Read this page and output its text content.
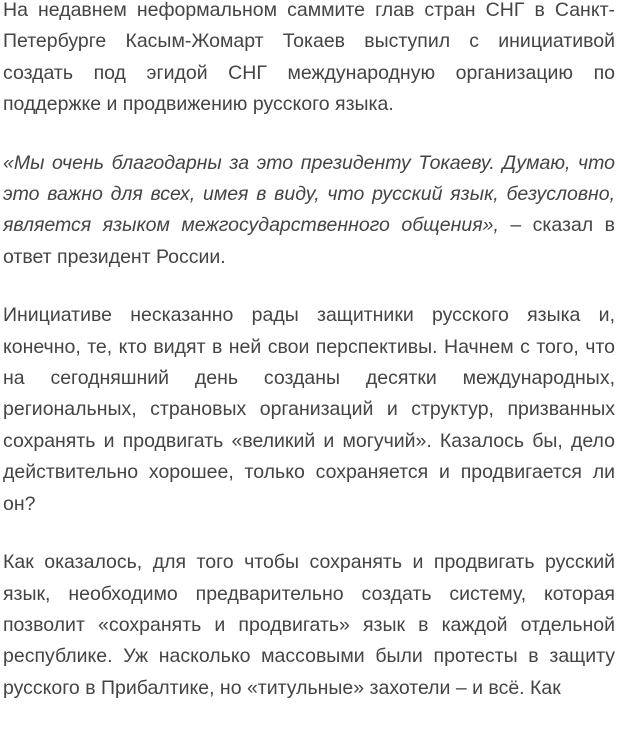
На недавнем неформальном саммите глав стран СНГ в Санкт-Петербурге Касым-Жомарт Токаев выступил с инициативой создать под эгидой СНГ международную организацию по поддержке и продвижению русского языка.

«Мы очень благодарны за это президенту Токаеву. Думаю, что это важно для всех, имея в виду, что русский язык, безусловно, является языком межгосударственного общения», – сказал в ответ президент России.

Инициативе несказанно рады защитники русского языка и, конечно, те, кто видят в ней свои перспективы. Начнем с того, что на сегодняшний день созданы десятки международных, региональных, страновых организаций и структур, призванных сохранять и продвигать «великий и могучий». Казалось бы, дело действительно хорошее, только сохраняется и продвигается ли он?

Как оказалось, для того чтобы сохранять и продвигать русский язык, необходимо предварительно создать систему, которая позволит «сохранять и продвигать» язык в каждой отдельной республике. Уж насколько массовыми были протесты в защиту русского в Прибалтике, но «титульные» захотели – и всё. Как
